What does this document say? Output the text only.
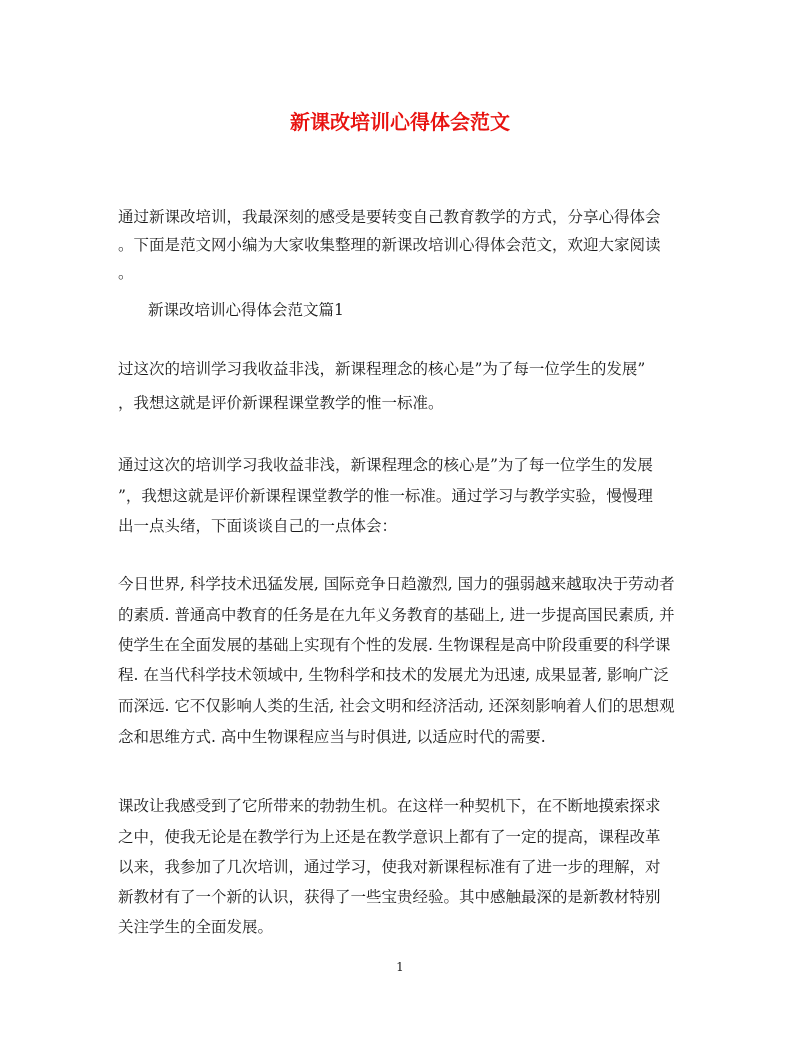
新课改培训心得体会范文
通过新课改培训，我最深刻的感受是要转变自己教育教学的方式，分享心得体会
。下面是范文网小编为大家收集整理的新课改培训心得体会范文，欢迎大家阅读
。
新课改培训心得体会范文篇1
过这次的培训学习我收益非浅，新课程理念的核心是”为了每一位学生的发展”
，我想这就是评价新课程课堂教学的惟一标准。
通过这次的培训学习我收益非浅，新课程理念的核心是”为了每一位学生的发展
”，我想这就是评价新课程课堂教学的惟一标准。通过学习与教学实验，慢慢理
出一点头绪，下面谈谈自己的一点体会：
今日世界, 科学技术迅猛发展, 国际竞争日趋激烈, 国力的强弱越来越取决于劳动者
的素质. 普通高中教育的任务是在九年义务教育的基础上, 进一步提高国民素质, 并
使学生在全面发展的基础上实现有个性的发展. 生物课程是高中阶段重要的科学课
程. 在当代科学技术领域中, 生物科学和技术的发展尤为迅速, 成果显著, 影响广泛
而深远. 它不仅影响人类的生活, 社会文明和经济活动, 还深刻影响着人们的思想观
念和思维方式. 高中生物课程应当与时俱进, 以适应时代的需要.
课改让我感受到了它所带来的勃勃生机。在这样一种契机下，在不断地摸索探求
之中，使我无论是在教学行为上还是在教学意识上都有了一定的提高，课程改革
以来，我参加了几次培训，通过学习，使我对新课程标准有了进一步的理解，对
新教材有了一个新的认识，获得了一些宝贵经验。其中感触最深的是新教材特别
关注学生的全面发展。
1
